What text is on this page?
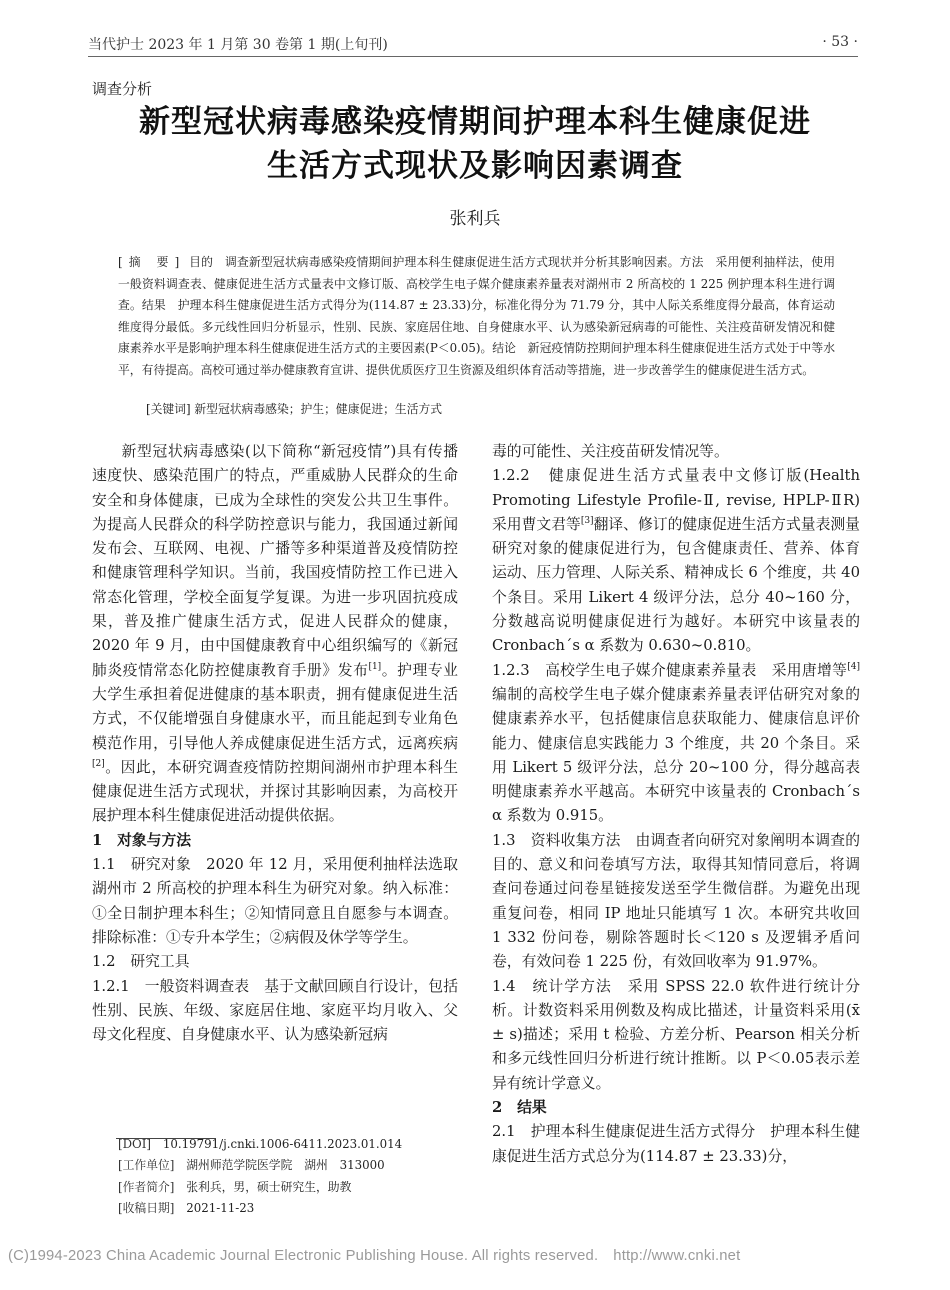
当代护士 2023 年 1 月第 30 卷第 1 期(上旬刊)	· 53 ·
调查分析
新型冠状病毒感染疫情期间护理本科生健康促进
生活方式现状及影响因素调查
张利兵
[摘 要] 目的　调查新型冠状病毒感染疫情期间护理本科生健康促进生活方式现状并分析其影响因素。方法　采用便利抽样法，使用一般资料调查表、健康促进生活方式量表中文修订版、高校学生电子媒介健康素养量表对湖州市 2 所高校的 1 225 例护理本科生进行调查。结果　护理本科生健康促进生活方式得分为(114.87 ± 23.33)分，标准化得分为 71.79 分，其中人际关系维度得分最高，体育运动维度得分最低。多元线性回归分析显示，性别、民族、家庭居住地、自身健康水平、认为感染新冠病毒的可能性、关注疫苗研发情况和健康素养水平是影响护理本科生健康促进生活方式的主要因素(P＜0.05)。结论　新冠疫情防控期间护理本科生健康促进生活方式处于中等水平，有待提高。高校可通过举办健康教育宣讲、提供优质医疗卫生资源及组织体育活动等措施，进一步改善学生的健康促进生活方式。
[关键词] 新型冠状病毒感染；护生；健康促进；生活方式

新型冠状病毒感染(以下简称“新冠疫情”)具有传播速度快、感染范围广的特点，严重威胁人民群众的生命安全和身体健康，已成为全球性的突发公共卫生事件。为提高人民群众的科学防控意识与能力，我国通过新闻发布会、互联网、电视、广播等多种渠道普及疫情防控和健康管理科学知识。当前，我国疫情防控工作已进入常态化管理，学校全面复学复课。为进一步巩固抗疫成果，普及推广健康生活方式，促进人民群众的健康，2020 年 9 月，由中国健康教育中心组织编写的《新冠肺炎疫情常态化防控健康教育手册》发布[1]。护理专业大学生承担着促进健康的基本职责，拥有健康促进生活方式，不仅能增强自身健康水平，而且能起到专业角色模范作用，引导他人养成健康促进生活方式，远离疾病[2]。因此，本研究调查疫情防控期间湖州市护理本科生健康促进生活方式现状，并探讨其影响因素，为高校开展护理本科生健康促进活动提供依据。

1　对象与方法

1.1　研究对象　2020 年 12 月，采用便利抽样法选取湖州市 2 所高校的护理本科生为研究对象。纳入标准：①全日制护理本科生；②知情同意且自愿参与本调查。排除标准：①专升本学生；②病假及休学等学生。

1.2　研究工具

1.2.1　一般资料调查表　基于文献回顾自行设计，包括性别、民族、年级、家庭居住地、家庭平均月收入、父母文化程度、自身健康水平、认为感染新冠病

毒的可能性、关注疫苗研发情况等。

1.2.2　健康促进生活方式量表中文修订版(Health Promoting Lifestyle Profile-Ⅱ, revise, HPLP-ⅡR)　采用曹文君等[3]翻译、修订的健康促进生活方式量表测量研究对象的健康促进行为，包含健康责任、营养、体育运动、压力管理、人际关系、精神成长 6 个维度，共 40 个条目。采用 Likert 4 级评分法，总分 40~160 分，分数越高说明健康促进行为越好。本研究中该量表的 Cronbach´s α 系数为 0.630~0.810。

1.2.3　高校学生电子媒介健康素养量表　采用唐增等[4]编制的高校学生电子媒介健康素养量表评估研究对象的健康素养水平，包括健康信息获取能力、健康信息评价能力、健康信息实践能力 3 个维度，共 20 个条目。采用 Likert 5 级评分法，总分 20~100 分，得分越高表明健康素养水平越高。本研究中该量表的 Cronbach´s α 系数为 0.915。

1.3　资料收集方法　由调查者向研究对象阐明本调查的目的、意义和问卷填写方法，取得其知情同意后，将调查问卷通过问卷星链接发送至学生微信群。为避免出现重复问卷，相同 IP 地址只能填写 1 次。本研究共收回 1 332 份问卷，剔除答题时长＜120 s 及逻辑矛盾问卷，有效问卷 1 225 份，有效回收率为 91.97%。

1.4　统计学方法　采用 SPSS 22.0 软件进行统计分析。计数资料采用例数及构成比描述，计量资料采用(x̄ ± s)描述；采用 t 检验、方差分析、Pearson 相关分析和多元线性回归分析进行统计推断。以 P＜0.05表示差异有统计学意义。

2　结果

2.1　护理本科生健康促进生活方式得分　护理本科生健康促进生活方式总分为(114.87 ± 23.33)分，

[DOI]　 10.19791/j.cnki.1006-6411.2023.01.014
[工作单位]　 湖州师范学院医学院　湖州　313000
[作者简介]　 张利兵，男，硕士研究生，助教
[收稿日期]　 2021-11-23
(C)1994-2023 China Academic Journal Electronic Publishing House. All rights reserved.　http://www.cnki.net
